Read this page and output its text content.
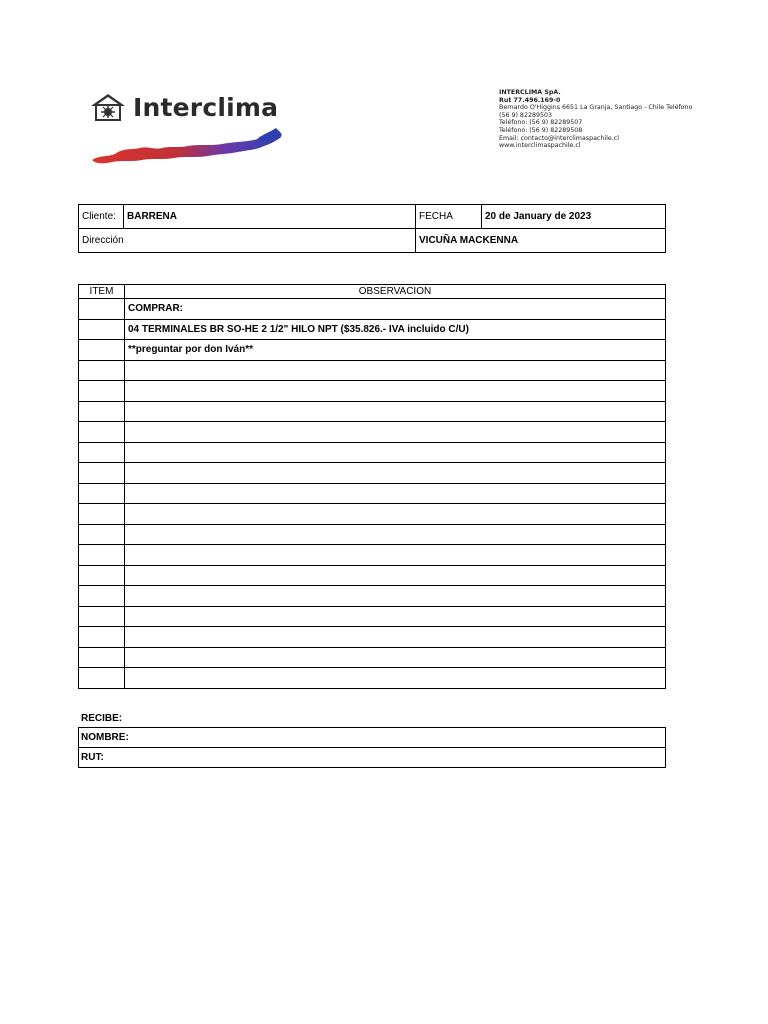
Interclima
INTERCLIMA SpA.
Rut 77.496.169-0
Bernardo O'Higgins 6651 La Granja, Santiago - Chile Teléfono
(56 9) 82289503
Teléfono: (56 9) 82289507
Teléfono: (56 9) 82289508
Email: contacto@interclimaspachile.cl
www.interclimaspachile.cl
Cliente:	BARRENA	FECHA	20 de January de 2023
Dirección		VICUÑA MACKENNA	
ITEM	OBSERVACION
	COMPRAR:
	04 TERMINALES BR SO-HE 2 1/2" HILO NPT ($35.826.- IVA incluido C/U)
	**preguntar por don Iván**

RECIBE:
NOMBRE:
RUT:
